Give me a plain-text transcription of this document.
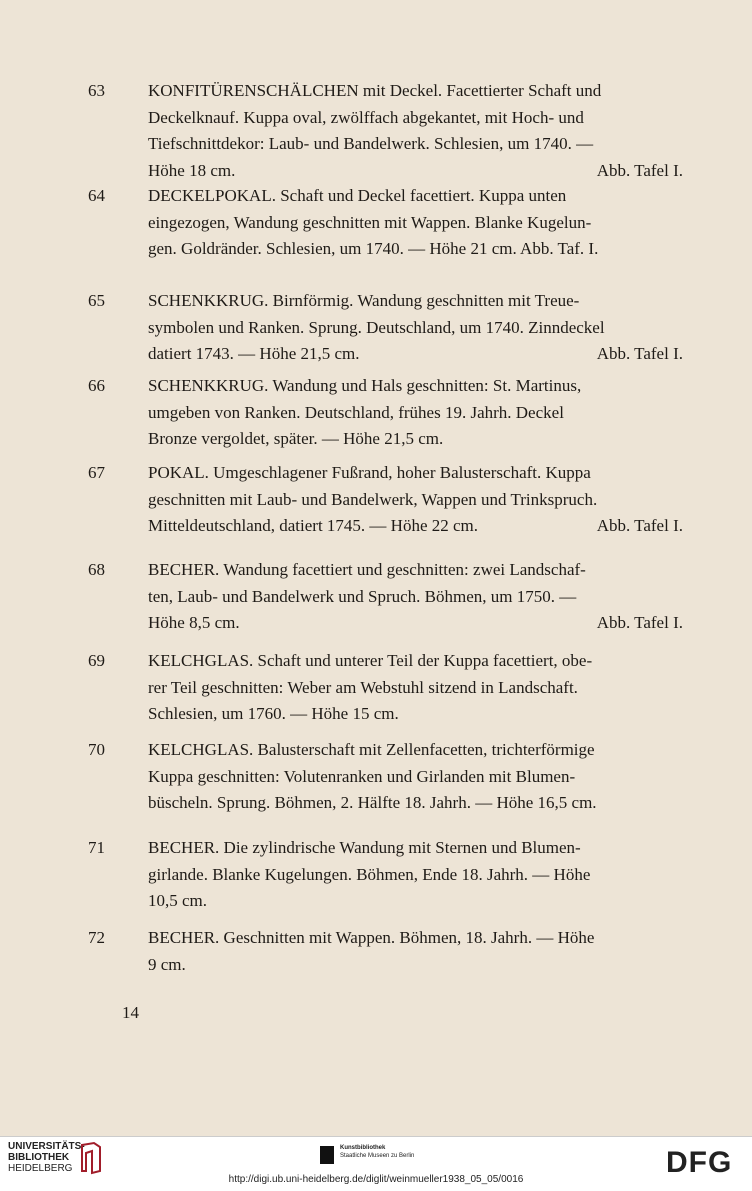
63	KONFITÜRENSCHÄLCHEN mit Deckel. Facettierter Schaft und
Deckelknauf. Kuppa oval, zwölffach abgekantet, mit Hoch- und
Tiefschnittdekor: Laub- und Bandelwerk. Schlesien, um 1740. —
Höhe 18 cm.	Abb. Tafel I.
64	DECKELPOKAL. Schaft und Deckel facettiert. Kuppa unten
eingezogen, Wandung geschnitten mit Wappen. Blanke Kugelun-
gen. Goldränder. Schlesien, um 1740. — Höhe 21 cm. Abb. Taf. I.
65	SCHENKKRUG. Birnförmig. Wandung geschnitten mit Treue-
symbolen und Ranken. Sprung. Deutschland, um 1740. Zinndeckel
datiert 1743. — Höhe 21,5 cm.	Abb. Tafel I.
66	SCHENKKRUG. Wandung und Hals geschnitten: St. Martinus,
umgeben von Ranken. Deutschland, frühes 19. Jahrh. Deckel
Bronze vergoldet, später. — Höhe 21,5 cm.
67	POKAL. Umgeschlagener Fußrand, hoher Balusterschaft. Kuppa
geschnitten mit Laub- und Bandelwerk, Wappen und Trinkspruch.
Mitteldeutschland, datiert 1745. — Höhe 22 cm.	Abb. Tafel I.
68	BECHER. Wandung facettiert und geschnitten: zwei Landschaf-
ten, Laub- und Bandelwerk und Spruch. Böhmen, um 1750. —
Höhe 8,5 cm.	Abb. Tafel I.
69	KELCHGLAS. Schaft und unterer Teil der Kuppa facettiert, obe-
rer Teil geschnitten: Weber am Webstuhl sitzend in Landschaft.
Schlesien, um 1760. — Höhe 15 cm.
70	KELCHGLAS. Balusterschaft mit Zellenfacetten, trichterförmige
Kuppa geschnitten: Volutenranken und Girlanden mit Blumen-
büscheln. Sprung. Böhmen, 2. Hälfte 18. Jahrh. — Höhe 16,5 cm.
71	BECHER. Die zylindrische Wandung mit Sternen und Blumen-
girlande. Blanke Kugelungen. Böhmen, Ende 18. Jahrh. — Höhe
10,5 cm.
72	BECHER. Geschnitten mit Wappen. Böhmen, 18. Jahrh. — Höhe
9 cm.
14
UNIVERSITÄTS-
BIBLIOTHEK
HEIDELBERG
Kunstbibliothek
Staatliche Museen zu Berlin	DFG
http://digi.ub.uni-heidelberg.de/diglit/weinmueller1938_05_05/0016
